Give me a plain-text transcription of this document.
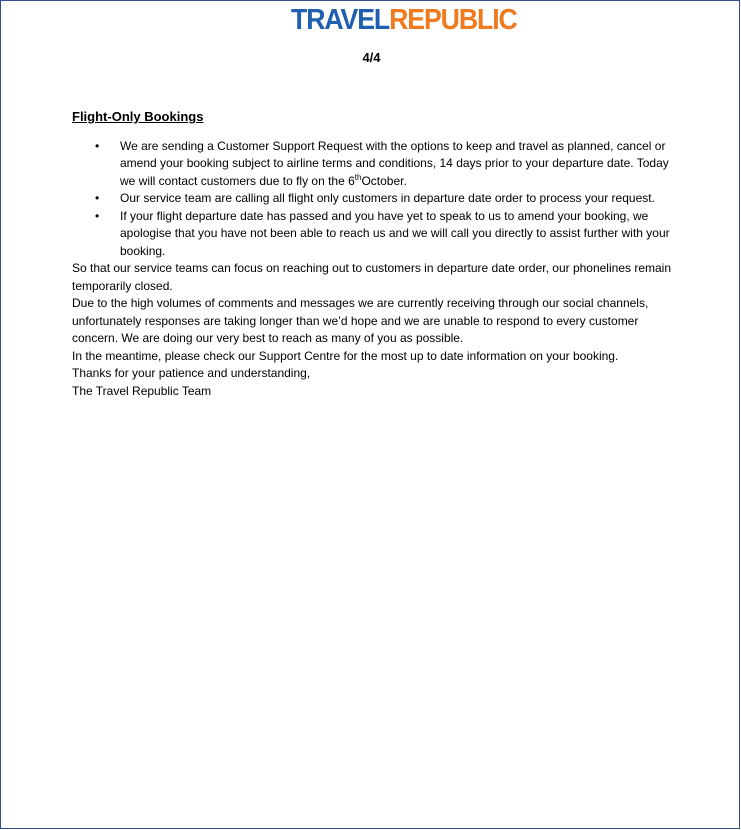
TRAVELREPUBLIC
4/4
Flight-Only Bookings
• We are sending a Customer Support Request with the options to keep and travel as planned, cancel or amend your booking subject to airline terms and conditions, 14 days prior to your departure date. Today we will contact customers due to fly on the 6thOctober.
• Our service team are calling all flight only customers in departure date order to process your request.
• If your flight departure date has passed and you have yet to speak to us to amend your booking, we apologise that you have not been able to reach us and we will call you directly to assist further with your booking.

So that our service teams can focus on reaching out to customers in departure date order, our phonelines remain temporarily closed.

Due to the high volumes of comments and messages we are currently receiving through our social channels, unfortunately responses are taking longer than we’d hope and we are unable to respond to every customer concern. We are doing our very best to reach as many of you as possible.

In the meantime, please check our Support Centre for the most up to date information on your booking.

Thanks for your patience and understanding,

The Travel Republic Team
